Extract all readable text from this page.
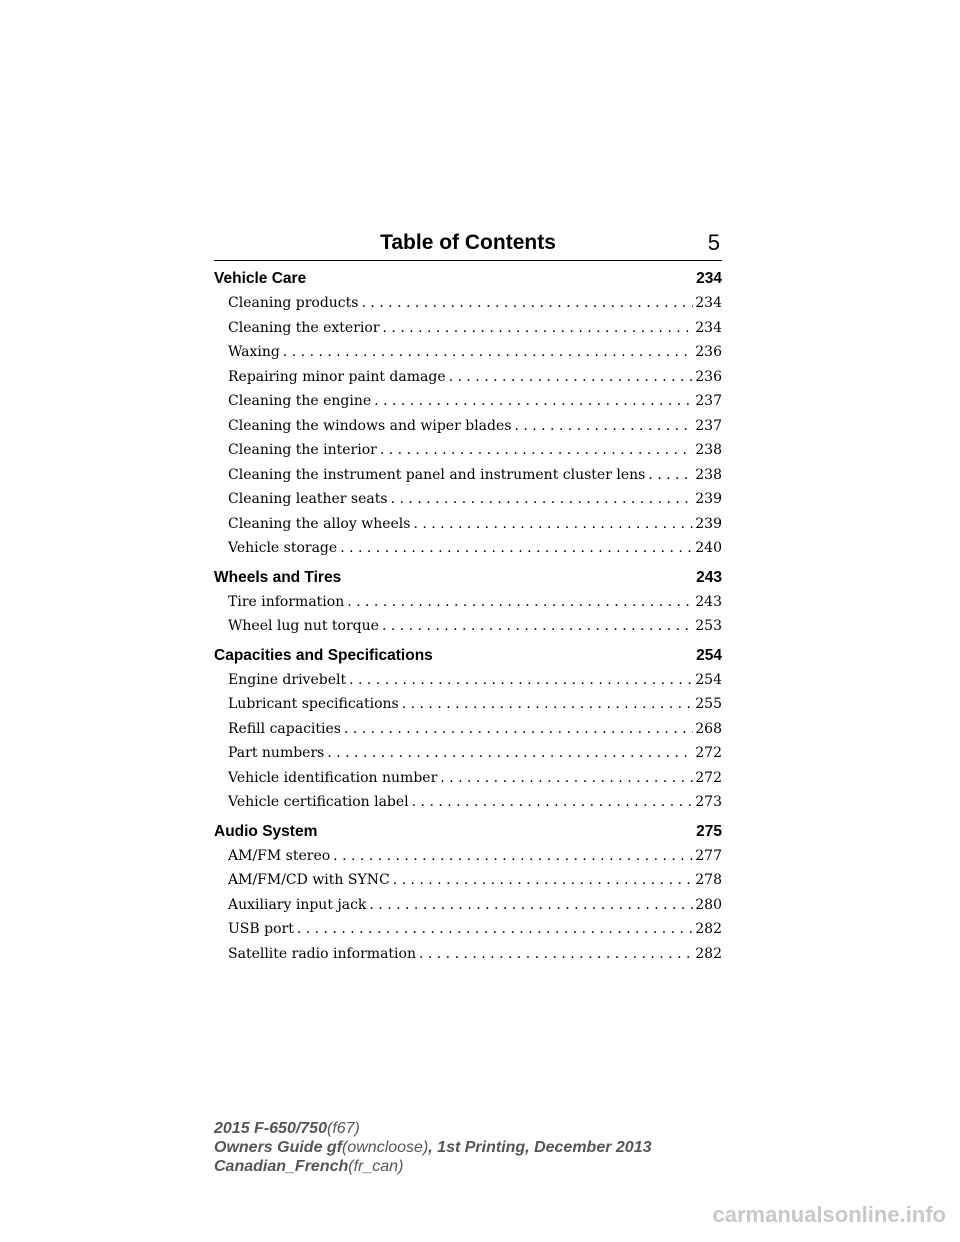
Table of Contents	5
Vehicle Care	234
Cleaning products . . .	234
Cleaning the exterior . . .	234
Waxing . . .	236
Repairing minor paint damage . . .	236
Cleaning the engine . . .	237
Cleaning the windows and wiper blades . . .	237
Cleaning the interior . . .	238
Cleaning the instrument panel and instrument cluster lens . . .	238
Cleaning leather seats . . .	239
Cleaning the alloy wheels . . .	239
Vehicle storage . . .	240
Wheels and Tires	243
Tire information . . .	243
Wheel lug nut torque . . .	253
Capacities and Specifications	254
Engine drivebelt . . .	254
Lubricant specifications . . .	255
Refill capacities . . .	268
Part numbers . . .	272
Vehicle identification number . . .	272
Vehicle certification label . . .	273
Audio System	275
AM/FM stereo . . .	277
AM/FM/CD with SYNC . . .	278
Auxiliary input jack . . .	280
USB port . . .	282
Satellite radio information . . .	282
2015 F-650/750(f67)
Owners Guide gf(owncloose), 1st Printing, December 2013
Canadian_French(fr_can)
carmanualsonline.info
